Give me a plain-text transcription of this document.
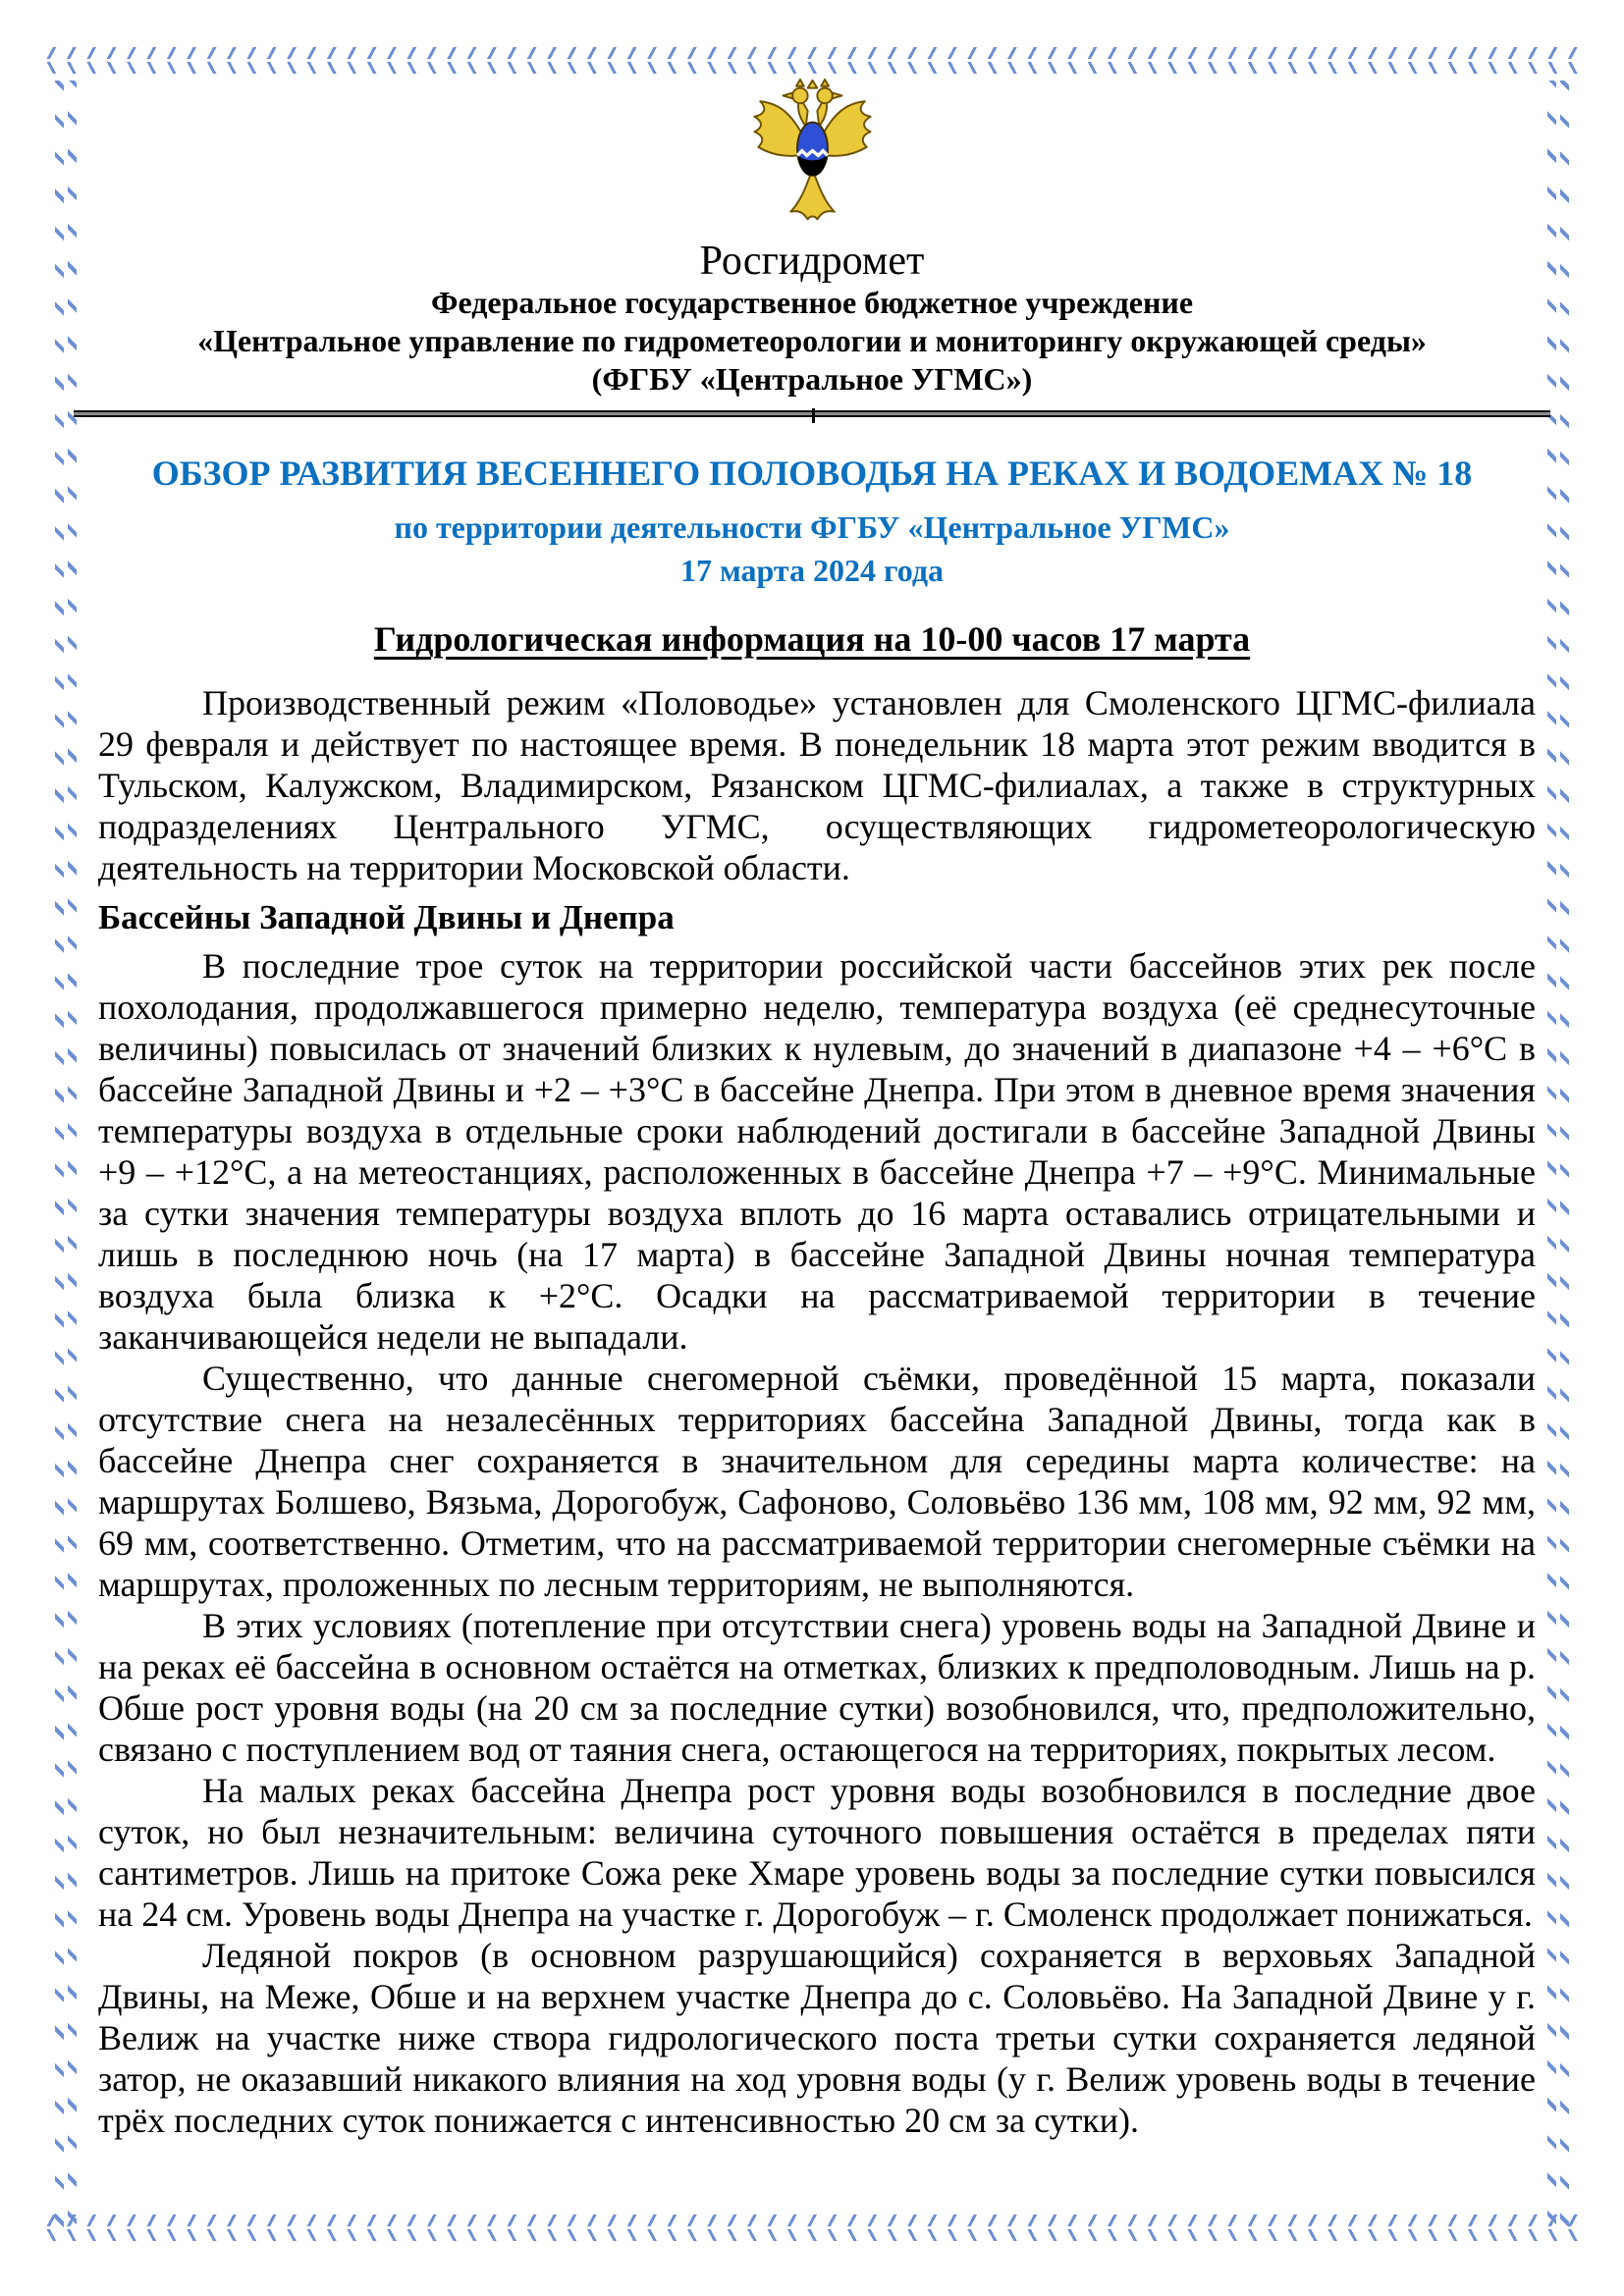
Росгидромет
Федеральное государственное бюджетное учреждение
«Центральное управление по гидрометеорологии и мониторингу окружающей среды»
(ФГБУ «Центральное УГМС»)
ОБЗОР РАЗВИТИЯ ВЕСЕННЕГО ПОЛОВОДЬЯ НА РЕКАХ И ВОДОЕМАХ № 18
по территории деятельности ФГБУ «Центральное УГМС»
17 марта 2024 года
Гидрологическая информация на 10-00 часов 17 марта

Производственный режим «Половодье» установлен для Смоленского ЦГМС-филиала 29 февраля и действует по настоящее время. В понедельник 18 марта этот режим вводится в Тульском, Калужском, Владимирском, Рязанском ЦГМС-филиалах, а также в структурных подразделениях Центрального УГМС, осуществляющих гидрометеорологическую деятельность на территории Московской области.

Бассейны Западной Двины и Днепра

В последние трое суток на территории российской части бассейнов этих рек после похолодания, продолжавшегося примерно неделю, температура воздуха (её среднесуточные величины) повысилась от значений близких к нулевым, до значений в диапазоне +4 – +6°С в бассейне Западной Двины и +2 – +3°С в бассейне Днепра. При этом в дневное время значения температуры воздуха в отдельные сроки наблюдений достигали в бассейне Западной Двины +9 – +12°С, а на метеостанциях, расположенных в бассейне Днепра +7 – +9°С. Минимальные за сутки значения температуры воздуха вплоть до 16 марта оставались отрицательными и лишь в последнюю ночь (на 17 марта) в бассейне Западной Двины ночная температура воздуха была близка к +2°С. Осадки на рассматриваемой территории в течение заканчивающейся недели не выпадали.

Существенно, что данные снегомерной съёмки, проведённой 15 марта, показали отсутствие снега на незалесённых территориях бассейна Западной Двины, тогда как в бассейне Днепра снег сохраняется в значительном для середины марта количестве: на маршрутах Болшево, Вязьма, Дорогобуж, Сафоново, Соловьёво 136 мм, 108 мм, 92 мм, 92 мм, 69 мм, соответственно. Отметим, что на рассматриваемой территории снегомерные съёмки на маршрутах, проложенных по лесным территориям, не выполняются.

В этих условиях (потепление при отсутствии снега) уровень воды на Западной Двине и на реках её бассейна в основном остаётся на отметках, близких к предполоводным. Лишь на р. Обше рост уровня воды (на 20 см за последние сутки) возобновился, что, предположительно, связано с поступлением вод от таяния снега, остающегося на территориях, покрытых лесом.

На малых реках бассейна Днепра рост уровня воды возобновился в последние двое суток, но был незначительным: величина суточного повышения остаётся в пределах пяти сантиметров. Лишь на притоке Сожа реке Хмаре уровень воды за последние сутки повысился на 24 см. Уровень воды Днепра на участке г. Дорогобуж – г. Смоленск продолжает понижаться.

Ледяной покров (в основном разрушающийся) сохраняется в верховьях Западной Двины, на Меже, Обше и на верхнем участке Днепра до с. Соловьёво. На Западной Двине у г. Велиж на участке ниже створа гидрологического поста третьи сутки сохраняется ледяной затор, не оказавший никакого влияния на ход уровня воды (у г. Велиж уровень воды в течение трёх последних суток понижается с интенсивностью 20 см за сутки).
